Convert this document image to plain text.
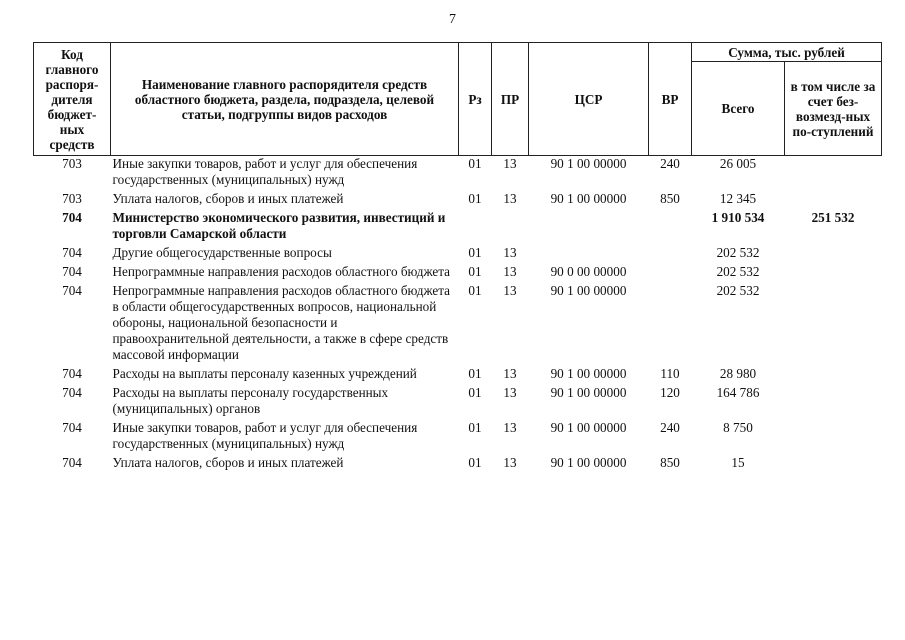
7
Код главного распоря-дителя бюджет-ных средств	Наименование главного распорядителя средств областного бюджета, раздела, подраздела, целевой статьи, подгруппы видов расходов	Рз	ПР	ЦСР	ВР	Сумма, тыс. рублей	
						Всего	в том числе за счет без-возмезд-ных по-ступлений
703	Иные закупки товаров, работ и услуг для обеспечения государственных (муниципальных) нужд	01	13	90 1 00 00000	240	26 005	
703	Уплата налогов, сборов и иных платежей	01	13	90 1 00 00000	850	12 345	
704	Министерство экономического развития, инвестиций и торговли Самарской области					1 910 534	251 532
704	Другие общегосударственные вопросы	01	13			202 532	
704	Непрограммные направления расходов областного бюджета	01	13	90 0 00 00000		202 532	
704	Непрограммные направления расходов областного бюджета в области общегосударственных вопросов, национальной обороны, национальной безопасности и правоохранительной деятельности, а также в сфере средств массовой информации	01	13	90 1 00 00000		202 532	
704	Расходы на выплаты персоналу казенных учреждений	01	13	90 1 00 00000	110	28 980	
704	Расходы на выплаты персоналу государственных (муниципальных) органов	01	13	90 1 00 00000	120	164 786	
704	Иные закупки товаров, работ и услуг для обеспечения государственных (муниципальных) нужд	01	13	90 1 00 00000	240	8 750	
704	Уплата налогов, сборов и иных платежей	01	13	90 1 00 00000	850	15	
